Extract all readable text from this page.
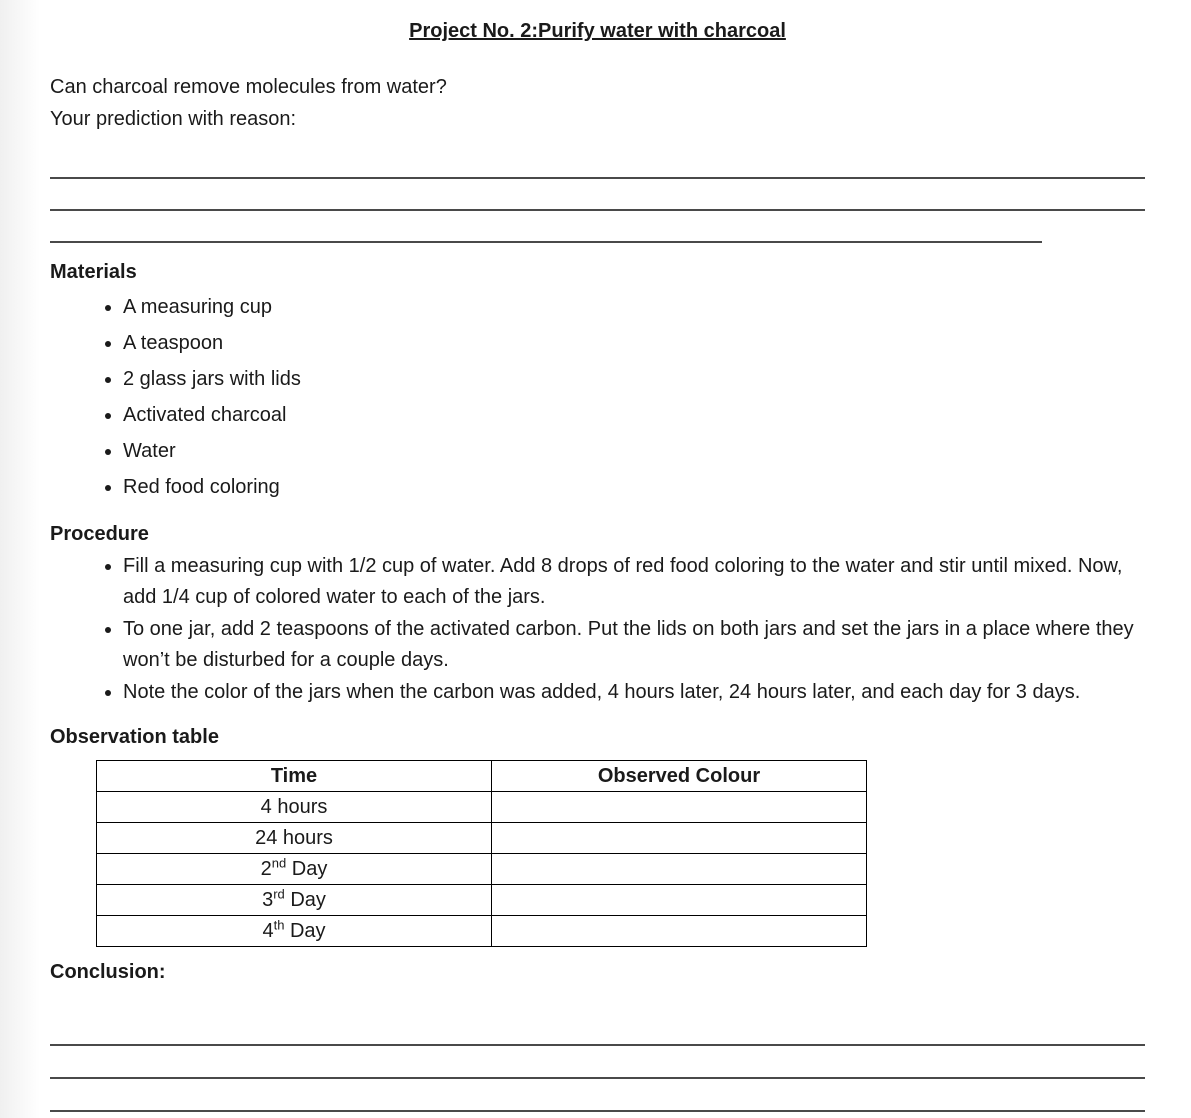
Project No. 2:Purify water with charcoal
Can charcoal remove molecules from water?
Your prediction with reason:
Materials
• A measuring cup
• A teaspoon
• 2 glass jars with lids
• Activated charcoal
• Water
• Red food coloring
Procedure
• Fill a measuring cup with 1/2 cup of water. Add 8 drops of red food coloring to the water and stir until mixed. Now, add 1/4 cup of colored water to each of the jars.
• To one jar, add 2 teaspoons of the activated carbon. Put the lids on both jars and set the jars in a place where they won’t be disturbed for a couple days.
• Note the color of the jars when the carbon was added, 4 hours later, 24 hours later, and each day for 3 days.
Observation table
Time	Observed Colour
4 hours	
24 hours	
2nd Day	
3rd Day	
4th Day	
Conclusion:
